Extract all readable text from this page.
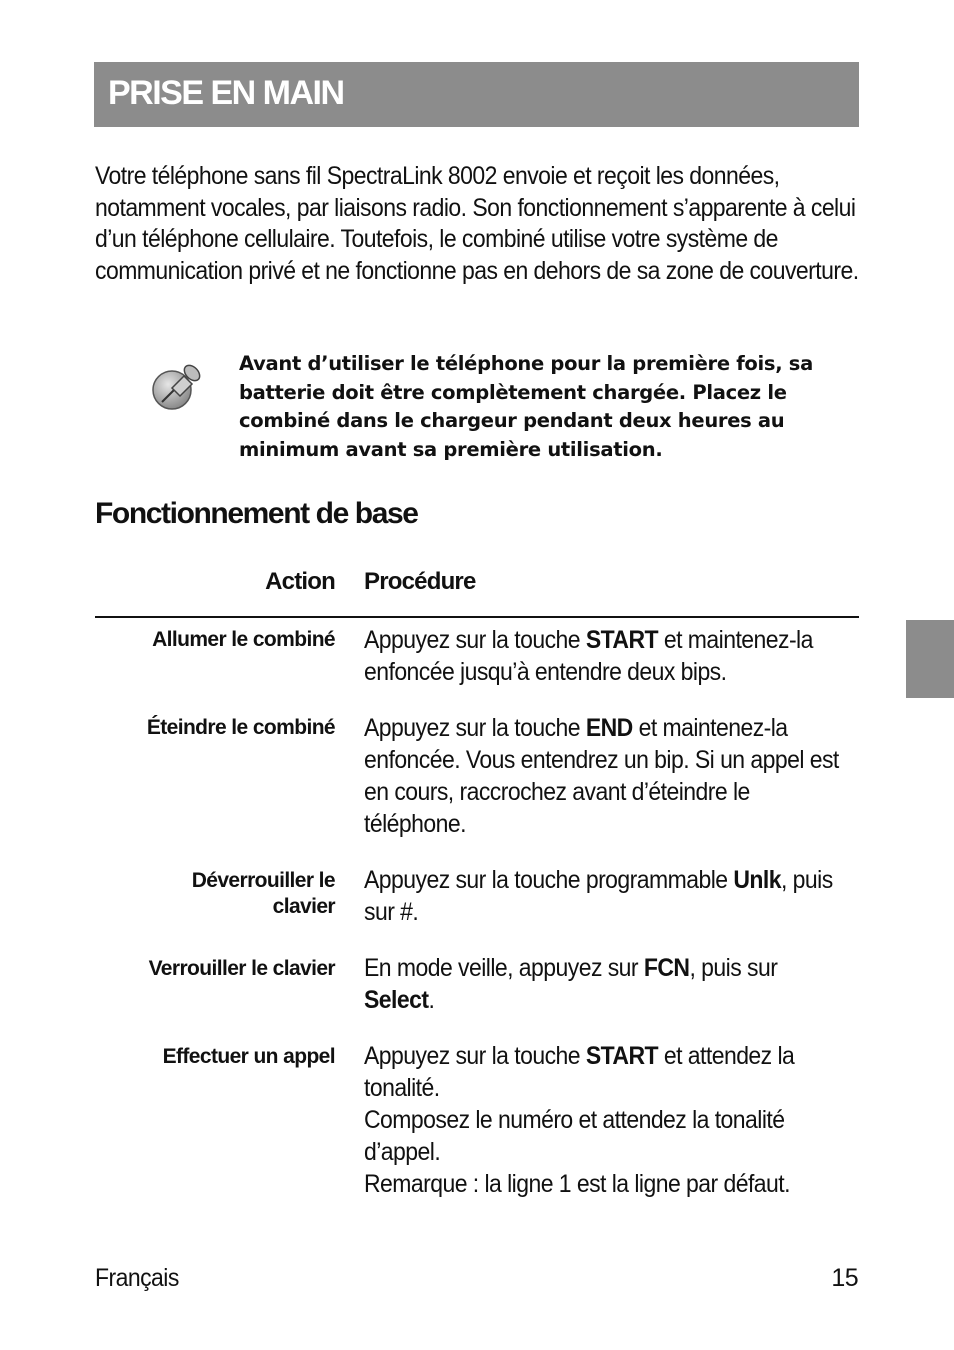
PRISE EN MAIN
Votre téléphone sans fil SpectraLink 8002 envoie et reçoit les données, notamment vocales, par liaisons radio. Son fonctionnement s’apparente à celui d’un téléphone cellulaire. Toutefois, le combiné utilise votre système de communication privé et ne fonctionne pas en dehors de sa zone de couverture.
Avant d’utiliser le téléphone pour la première fois, sa batterie doit être complètement chargée. Placez le combiné dans le chargeur pendant deux heures au minimum avant sa première utilisation.
Fonctionnement de base
Action Procédure
Allumer le combiné Appuyez sur la touche START et maintenez-la enfoncée jusqu’à entendre deux bips.
Éteindre le combiné Appuyez sur la touche END et maintenez-la enfoncée. Vous entendrez un bip. Si un appel est en cours, raccrochez avant d’éteindre le téléphone.
Déverrouiller le clavier
Appuyez sur la touche programmable Unlk, puis sur #.
Verrouiller le clavier En mode veille, appuyez sur FCN, puis sur Select.
Effectuer un appel Appuyez sur la touche START et attendez la tonalité.
Composez le numéro et attendez la tonalité d’appel.
Remarque : la ligne 1 est la ligne par défaut.
Français	15
